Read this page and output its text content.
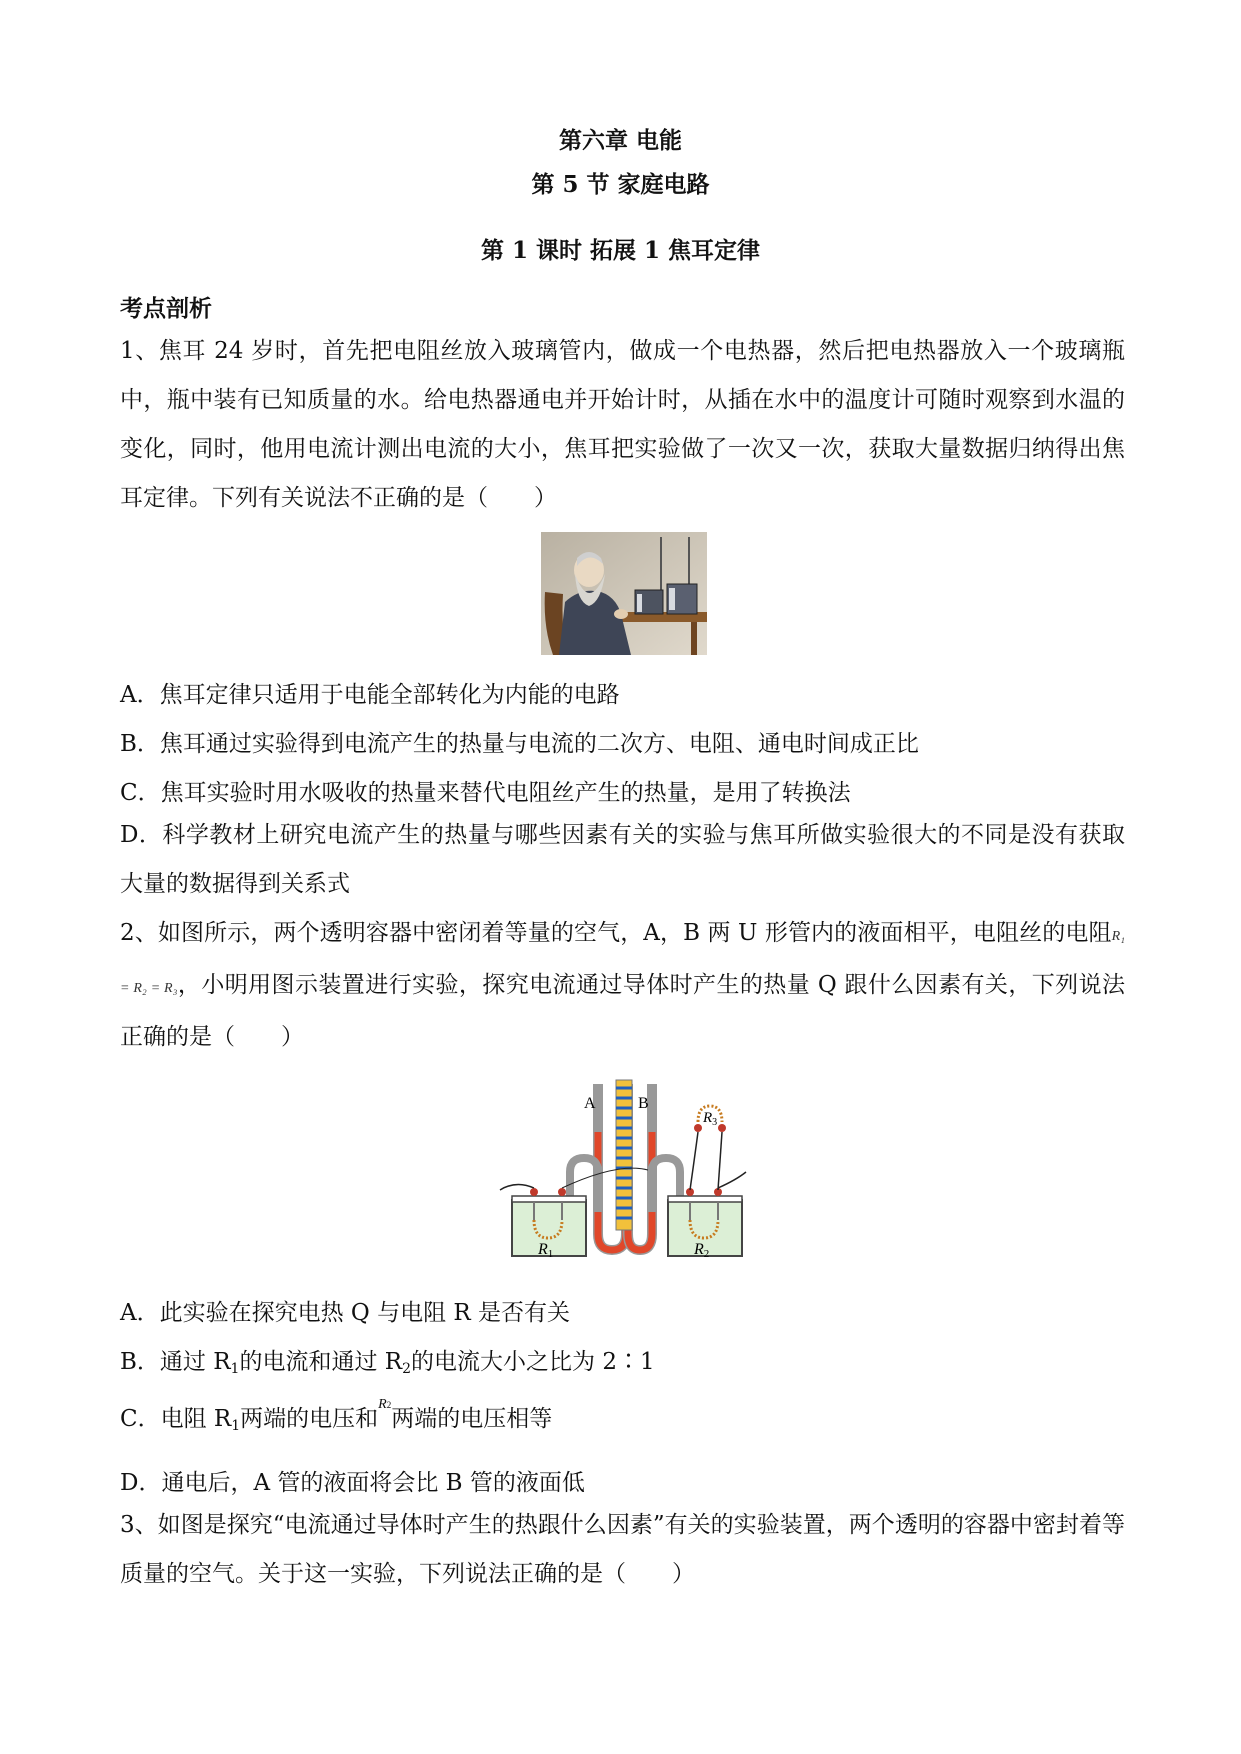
第六章 电能
第 5 节 家庭电路
第 1 课时 拓展 1 焦耳定律
考点剖析
1、焦耳 24 岁时，首先把电阻丝放入玻璃管内，做成一个电热器，然后把电热器放入一个玻璃瓶中，瓶中装有已知质量的水。给电热器通电并开始计时，从插在水中的温度计可随时观察到水温的变化，同时，他用电流计测出电流的大小，焦耳把实验做了一次又一次，获取大量数据归纳得出焦耳定律。下列有关说法不正确的是（　　）
A．焦耳定律只适用于电能全部转化为内能的电路
B．焦耳通过实验得到电流产生的热量与电流的二次方、电阻、通电时间成正比
C．焦耳实验时用水吸收的热量来替代电阻丝产生的热量，是用了转换法
D．科学教材上研究电流产生的热量与哪些因素有关的实验与焦耳所做实验很大的不同是没有获取大量的数据得到关系式
2、如图所示，两个透明容器中密闭着等量的空气，A，B 两 U 形管内的液面相平，电阻丝的电阻R₁ = R₂ = R₃，小明用图示装置进行实验，探究电流通过导体时产生的热量 Q 跟什么因素有关，下列说法正确的是（　　）
A	B
R1	R2
$R_3$
A．此实验在探究电热 Q 与电阻 R 是否有关
B．通过 $R_1$的电流和通过 $R_2$的电流大小之比为 2∶1
C．电阻 $R_1$两端的电压和R2两端的电压相等
D．通电后，A 管的液面将会比 B 管的液面低
3、如图是探究“电流通过导体时产生的热跟什么因素”有关的实验装置，两个透明的容器中密封着等质量的空气。关于这一实验，下列说法正确的是（　　）
